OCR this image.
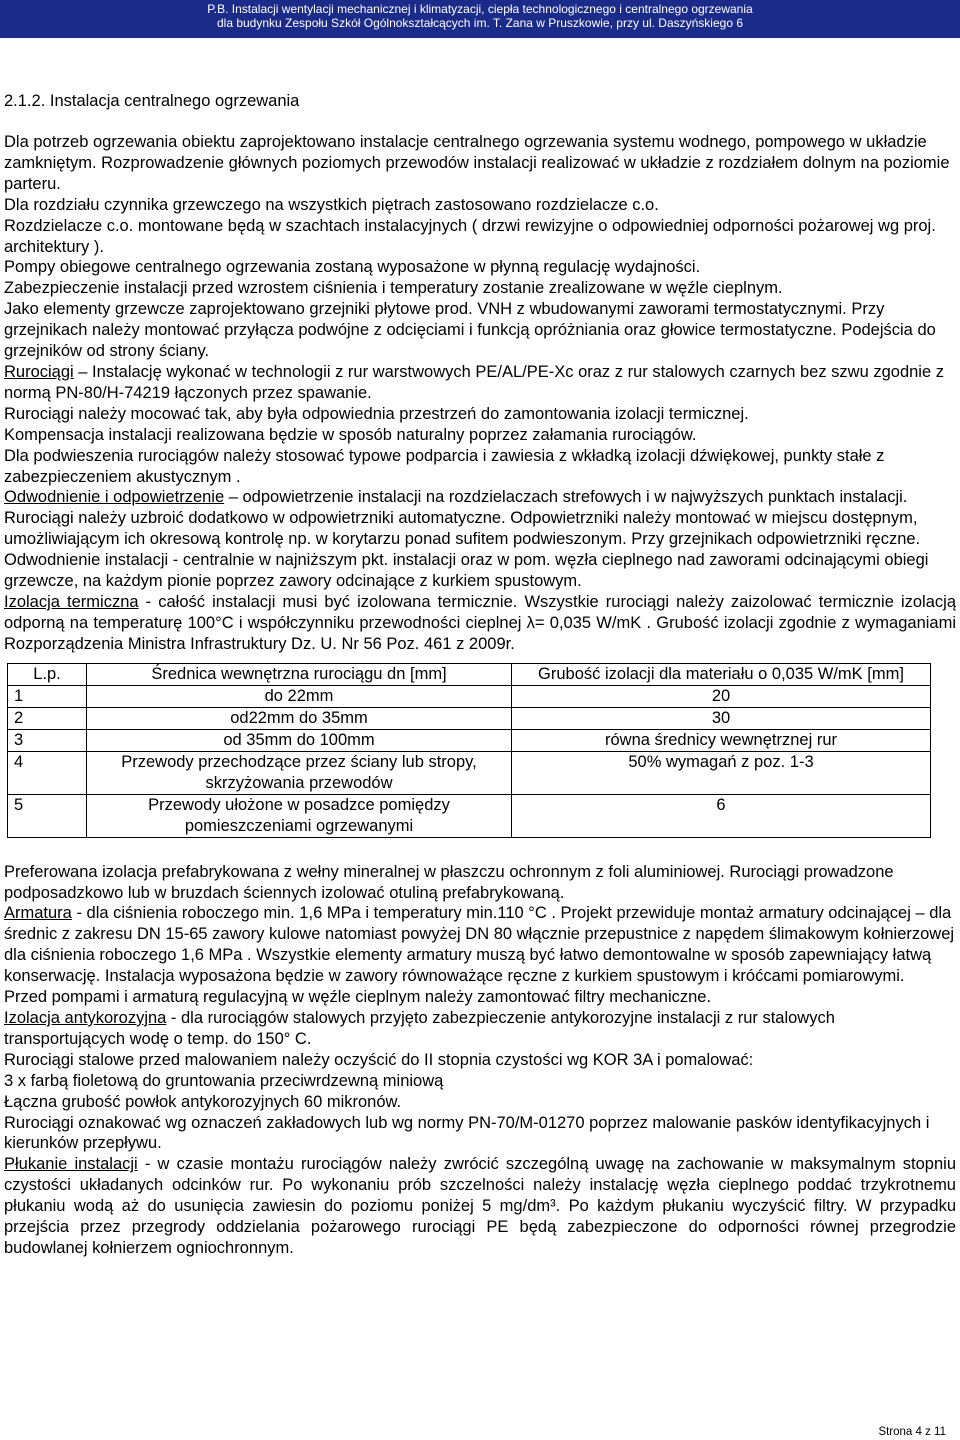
P.B. Instalacji wentylacji mechanicznej i klimatyzacji, ciepła technologicznego i centralnego ogrzewania
dla budynku Zespołu Szkół Ogólnokształcących im. T. Zana w Pruszkowie, przy ul. Daszyńskiego 6
2.1.2. Instalacja centralnego ogrzewania

Dla potrzeb ogrzewania obiektu zaprojektowano instalacje centralnego ogrzewania systemu wodnego, pompowego w układzie zamkniętym. Rozprowadzenie głównych poziomych przewodów instalacji realizować w układzie z rozdziałem dolnym na poziomie parteru.

Dla rozdziału czynnika grzewczego na wszystkich piętrach zastosowano rozdzielacze c.o.

Rozdzielacze c.o. montowane będą w szachtach instalacyjnych ( drzwi rewizyjne o odpowiedniej odporności pożarowej wg proj. architektury ).

Pompy obiegowe centralnego ogrzewania zostaną wyposażone w płynną regulację wydajności.

Zabezpieczenie instalacji przed wzrostem ciśnienia i temperatury zostanie zrealizowane w węźle cieplnym.

Jako elementy grzewcze zaprojektowano grzejniki płytowe prod. VNH z wbudowanymi zaworami termostatycznymi. Przy grzejnikach należy montować przyłącza podwójne z odcięciami i funkcją opróżniania oraz głowice termostatyczne. Podejścia do grzejników od strony ściany.

Rurociągi – Instalację wykonać w technologii z rur warstwowych PE/AL/PE-Xc oraz z rur stalowych czarnych bez szwu zgodnie z normą PN-80/H-74219 łączonych przez spawanie.

Rurociągi należy mocować tak, aby była odpowiednia przestrzeń do zamontowania izolacji termicznej.

Kompensacja instalacji realizowana będzie w sposób naturalny poprzez załamania rurociągów.

Dla podwieszenia rurociągów należy stosować typowe podparcia i zawiesia z wkładką izolacji dźwiękowej, punkty stałe z zabezpieczeniem akustycznym .

Odwodnienie i odpowietrzenie – odpowietrzenie instalacji na rozdzielaczach strefowych i w najwyższych punktach instalacji. Rurociągi należy uzbroić dodatkowo w odpowietrzniki automatyczne. Odpowietrzniki należy montować w miejscu dostępnym, umożliwiającym ich okresową kontrolę np. w korytarzu ponad sufitem podwieszonym. Przy grzejnikach odpowietrzniki ręczne.

Odwodnienie instalacji - centralnie w najniższym pkt. instalacji oraz w pom. węzła cieplnego nad zaworami odcinającymi obiegi grzewcze, na każdym pionie poprzez zawory odcinające z kurkiem spustowym.

Izolacja termiczna - całość instalacji musi być izolowana termicznie. Wszystkie rurociągi należy zaizolować termicznie izolacją odporną na temperaturę 100°C i współczynniku przewodności cieplnej λ= 0,035 W/mK . Grubość izolacji zgodnie z wymaganiami Rozporządzenia Ministra Infrastruktury Dz. U. Nr 56 Poz. 461 z 2009r.

L.p.	Średnica wewnętrzna rurociągu dn [mm]	Grubość izolacji dla materiału o 0,035 W/mK [mm]
1	do 22mm	20
2	od22mm do 35mm	30
3	od 35mm do 100mm	równa średnicy wewnętrznej rur
4	Przewody przechodzące przez ściany lub stropy, skrzyżowania przewodów	50% wymagań z poz. 1-3
5	Przewody ułożone w posadzce pomiędzy pomieszczeniami ogrzewanymi	6

Preferowana izolacja prefabrykowana z wełny mineralnej w płaszczu ochronnym z foli aluminiowej. Rurociągi prowadzone podposadzkowo lub w bruzdach ściennych izolować otuliną prefabrykowaną.

Armatura - dla ciśnienia roboczego min. 1,6 MPa i temperatury min.110 °C . Projekt przewiduje montaż armatury odcinającej – dla średnic z zakresu DN 15-65 zawory kulowe natomiast powyżej DN 80 włącznie przepustnice z napędem ślimakowym kołnierzowej dla ciśnienia roboczego 1,6 MPa . Wszystkie elementy armatury muszą być łatwo demontowalne w sposób zapewniający łatwą konserwację. Instalacja wyposażona będzie w zawory równoważące ręczne z kurkiem spustowym i króćcami pomiarowymi.

Przed pompami i armaturą regulacyjną w węźle cieplnym należy zamontować filtry mechaniczne.

Izolacja antykorozyjna - dla rurociągów stalowych przyjęto zabezpieczenie antykorozyjne instalacji z rur stalowych transportujących wodę o temp. do 150° C.

Rurociągi stalowe przed malowaniem należy oczyścić do II stopnia czystości wg KOR 3A i pomalować:

3 x farbą fioletową do gruntowania przeciwrdzewną miniową

Łączna grubość powłok antykorozyjnych 60 mikronów.

Rurociągi oznakować wg oznaczeń zakładowych lub wg normy PN-70/M-01270 poprzez malowanie pasków identyfikacyjnych i kierunków przepływu.

Płukanie instalacji - w czasie montażu rurociągów należy zwrócić szczególną uwagę na zachowanie w maksymalnym stopniu czystości układanych odcinków rur. Po wykonaniu prób szczelności należy instalację węzła cieplnego poddać trzykrotnemu płukaniu wodą aż do usunięcia zawiesin do poziomu poniżej 5 mg/dm³. Po każdym płukaniu wyczyścić filtry. W przypadku przejścia przez przegrody oddzielania pożarowego rurociągi PE będą zabezpieczone do odporności równej przegrodzie budowlanej kołnierzem ogniochronnym.

Strona 4 z 11
